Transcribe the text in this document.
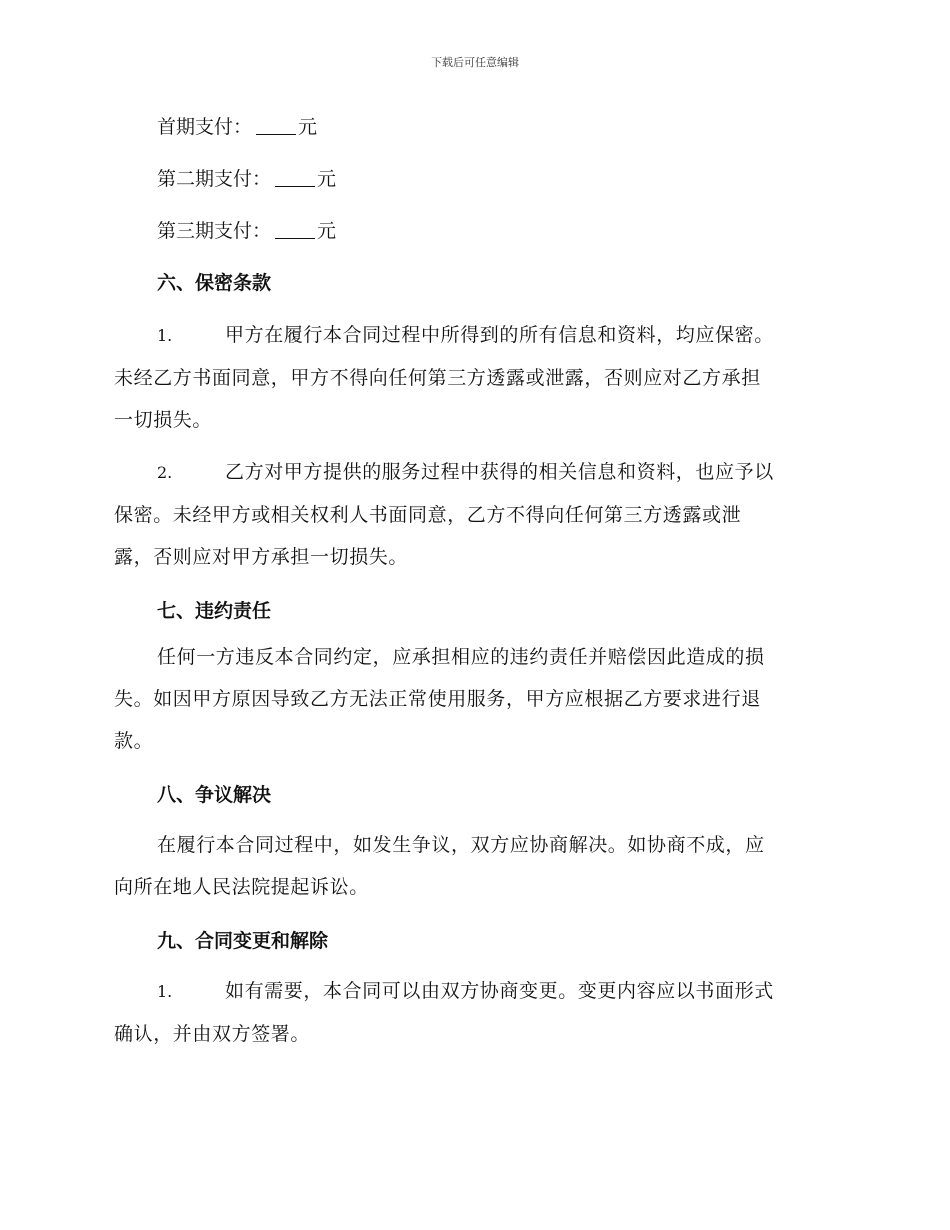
下载后可任意编辑

首期支付： 元

第二期支付： 元

第三期支付： 元

六、保密条款

1.	甲方在履行本合同过程中所得到的所有信息和资料，均应保密。
未经乙方书面同意，甲方不得向任何第三方透露或泄露，否则应对乙方承担
一切损失。
2.	乙方对甲方提供的服务过程中获得的相关信息和资料，也应予以
保密。未经甲方或相关权利人书面同意，乙方不得向任何第三方透露或泄
露，否则应对甲方承担一切损失。

七、违约责任

任何一方违反本合同约定，应承担相应的违约责任并赔偿因此造成的损
失。如因甲方原因导致乙方无法正常使用服务，甲方应根据乙方要求进行退
款。

八、争议解决

在履行本合同过程中，如发生争议，双方应协商解决。如协商不成，应
向所在地人民法院提起诉讼。

九、合同变更和解除

1.	如有需要，本合同可以由双方协商变更。变更内容应以书面形式
确认，并由双方签署。
